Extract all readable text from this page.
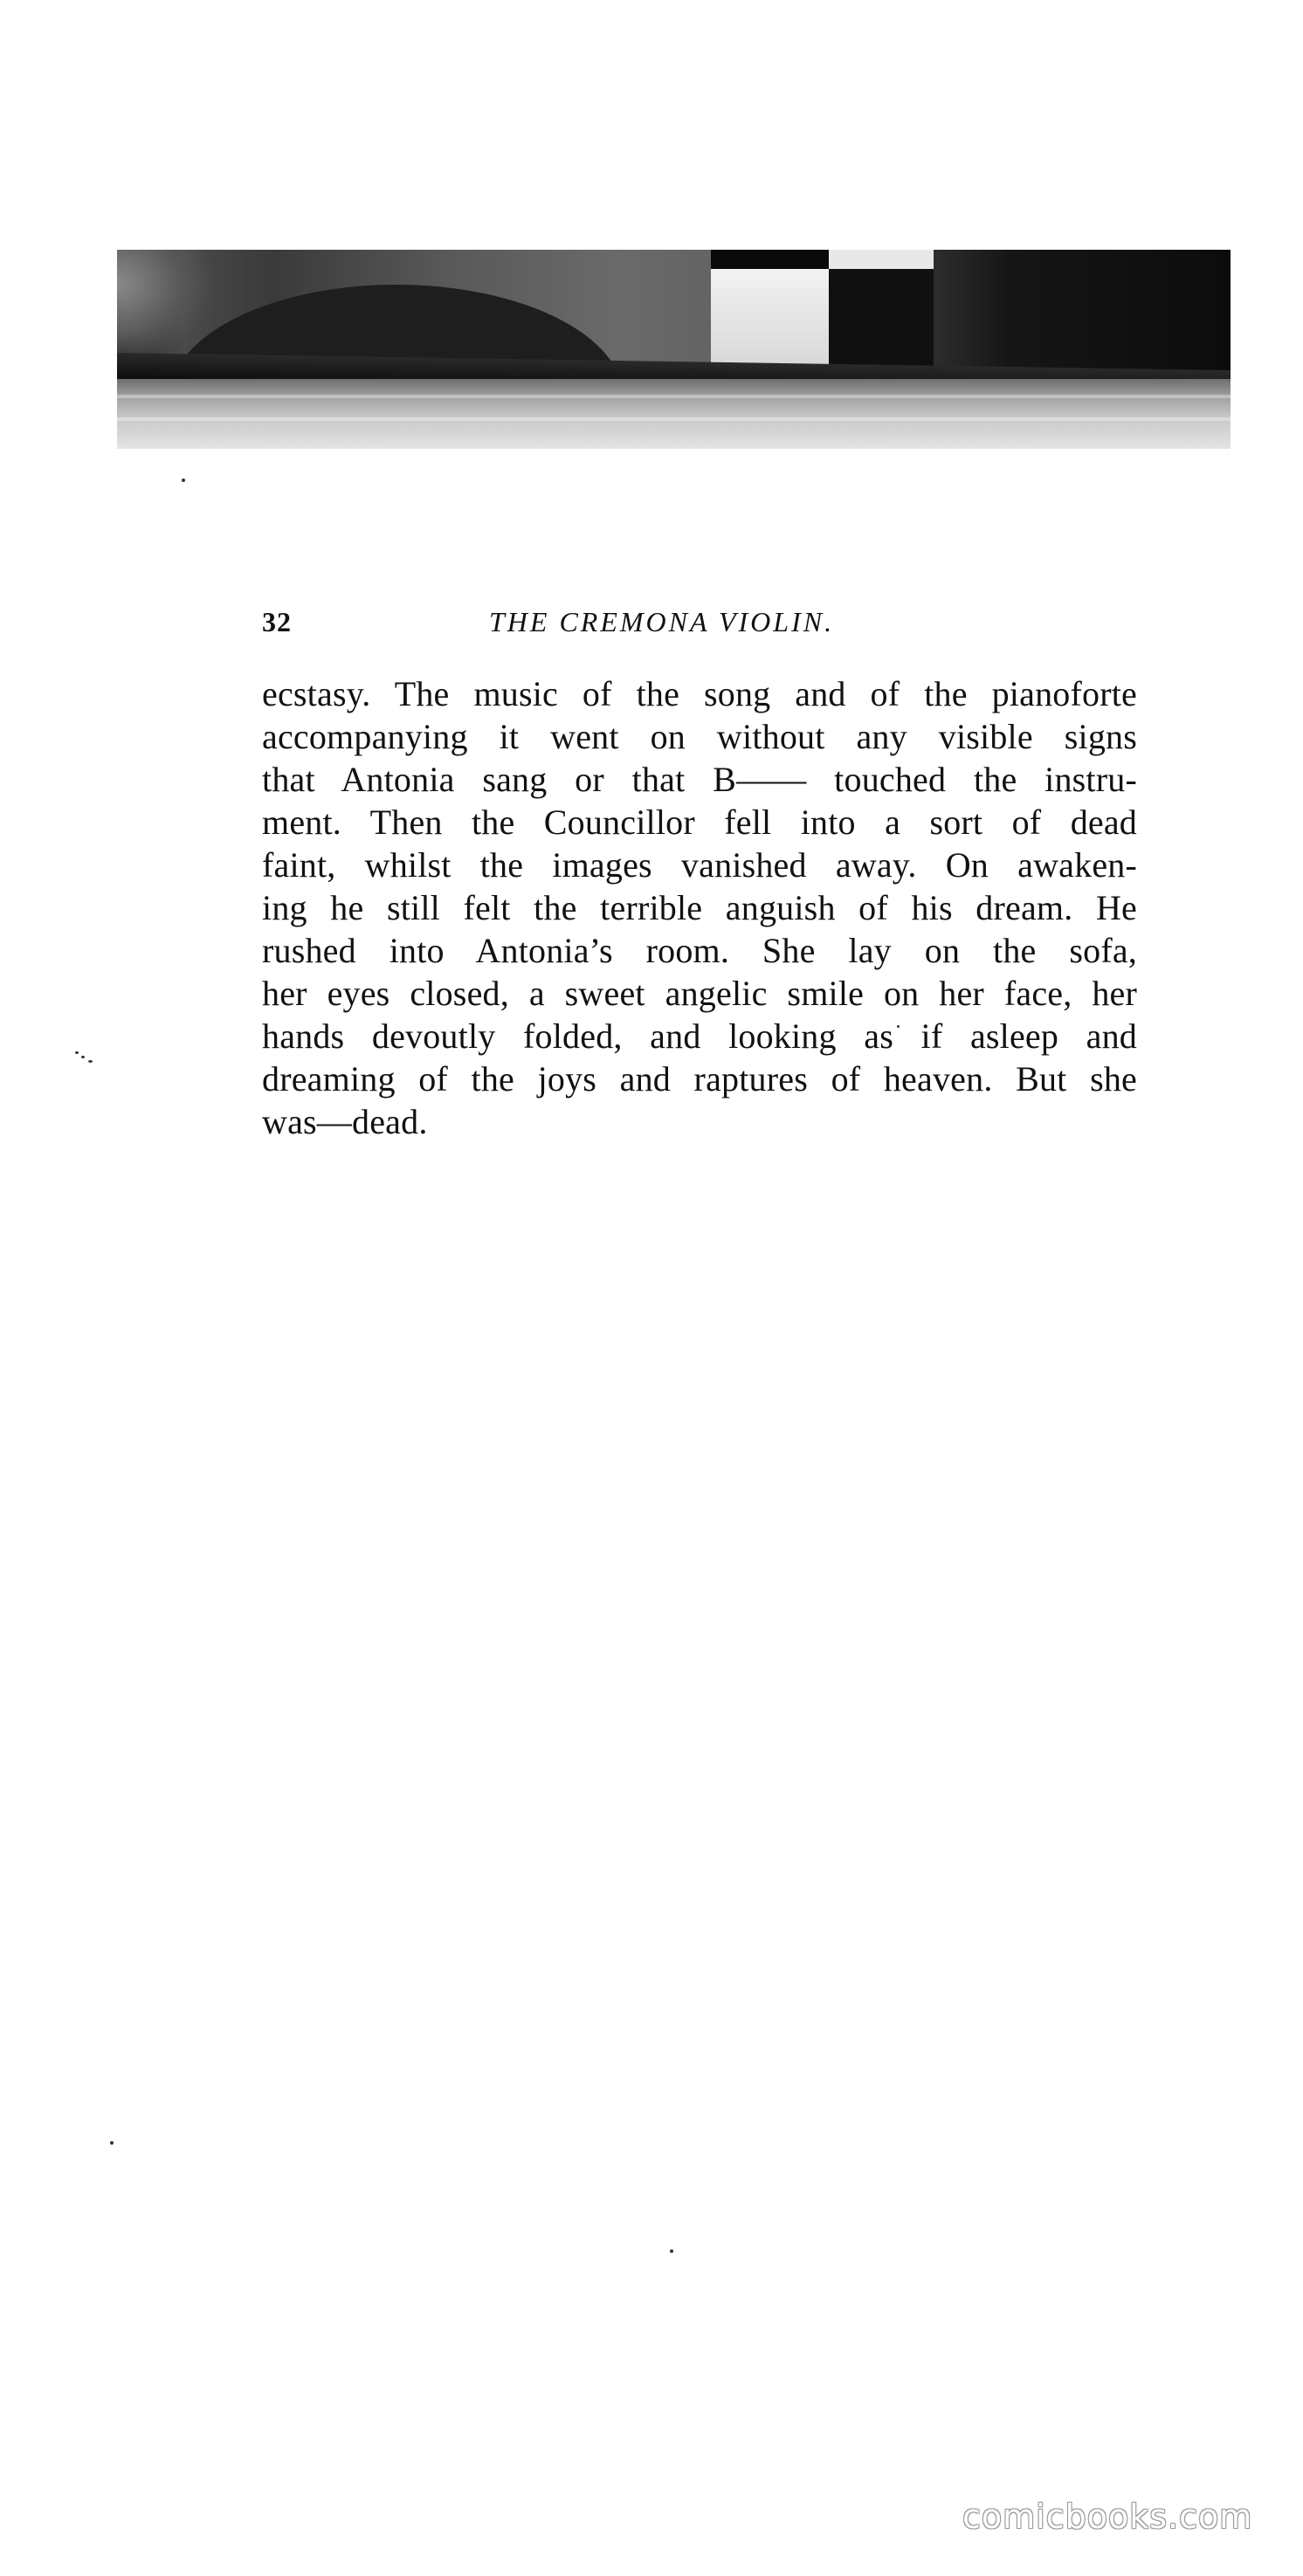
32	THE CREMONA VIOLIN.
ecstasy. The music of the song and of the pianoforte
accompanying it went on without any visible signs
that Antonia sang or that B—— touched the instru-
ment. Then the Councillor fell into a sort of dead
faint, whilst the images vanished away. On awaken-
ing he still felt the terrible anguish of his dream. He
rushed into Antonia’s room. She lay on the sofa,
her eyes closed, a sweet angelic smile on her face, her
hands devoutly folded, and looking as if asleep and
dreaming of the joys and raptures of heaven. But she
was—dead.
comicbooks.com
